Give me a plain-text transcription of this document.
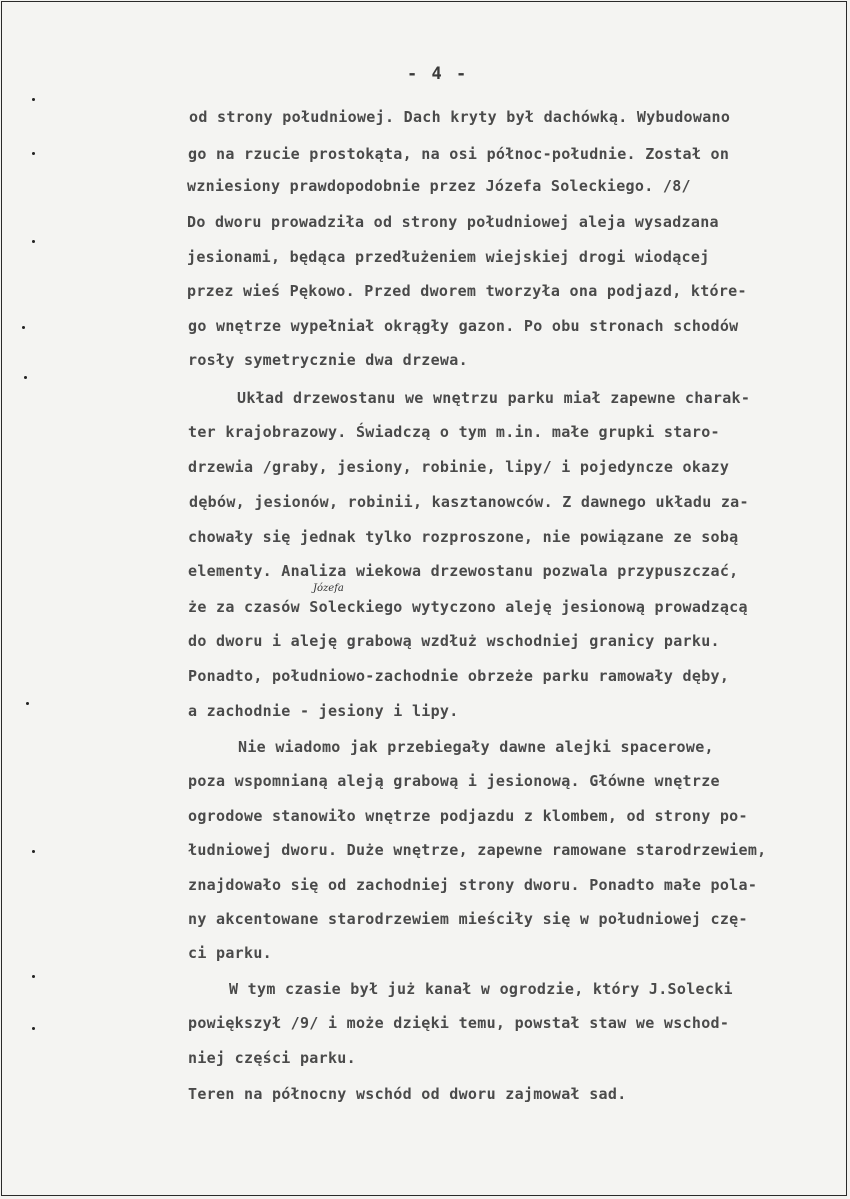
- 4 -
od strony południowej. Dach kryty był dachówką. Wybudowano
go na rzucie prostokąta, na osi północ-południe. Został on
wzniesiony prawdopodobnie przez Józefa Soleckiego. /8/
Do dworu prowadziła od strony południowej aleja wysadzana
jesionami, będąca przedłużeniem wiejskiej drogi wiodącej
przez wieś Pękowo. Przed dworem tworzyła ona podjazd, które-
go wnętrze wypełniał okrągły gazon. Po obu stronach schodów
rosły symetrycznie dwa drzewa.
Układ drzewostanu we wnętrzu parku miał zapewne charak-
ter krajobrazowy. Świadczą o tym m.in. małe grupki staro-
drzewia /graby, jesiony, robinie, lipy/ i pojedyncze okazy
dębów, jesionów, robinii, kasztanowców. Z dawnego układu za-
chowały się jednak tylko rozproszone, nie powiązane ze sobą
elementy. Analiza wiekowa drzewostanu pozwala przypuszczać,
że za czasów Soleckiego wytyczono aleję jesionową prowadzącą
do dworu i aleję grabową wzdłuż wschodniej granicy parku.
Ponadto, południowo-zachodnie obrzeże parku ramowały dęby,
a zachodnie - jesiony i lipy.
Nie wiadomo jak przebiegały dawne alejki spacerowe,
poza wspomnianą aleją grabową i jesionową. Główne wnętrze
ogrodowe stanowiło wnętrze podjazdu z klombem, od strony po-
łudniowej dworu. Duże wnętrze, zapewne ramowane starodrzewiem,
znajdowało się od zachodniej strony dworu. Ponadto małe pola-
ny akcentowane starodrzewiem mieściły się w południowej czę-
ci parku.
W tym czasie był już kanał w ogrodzie, który J.Solecki
powiększył /9/ i może dzięki temu, powstał staw we wschod-
niej części parku.
Teren na północny wschód od dworu zajmował sad.
Józefa
